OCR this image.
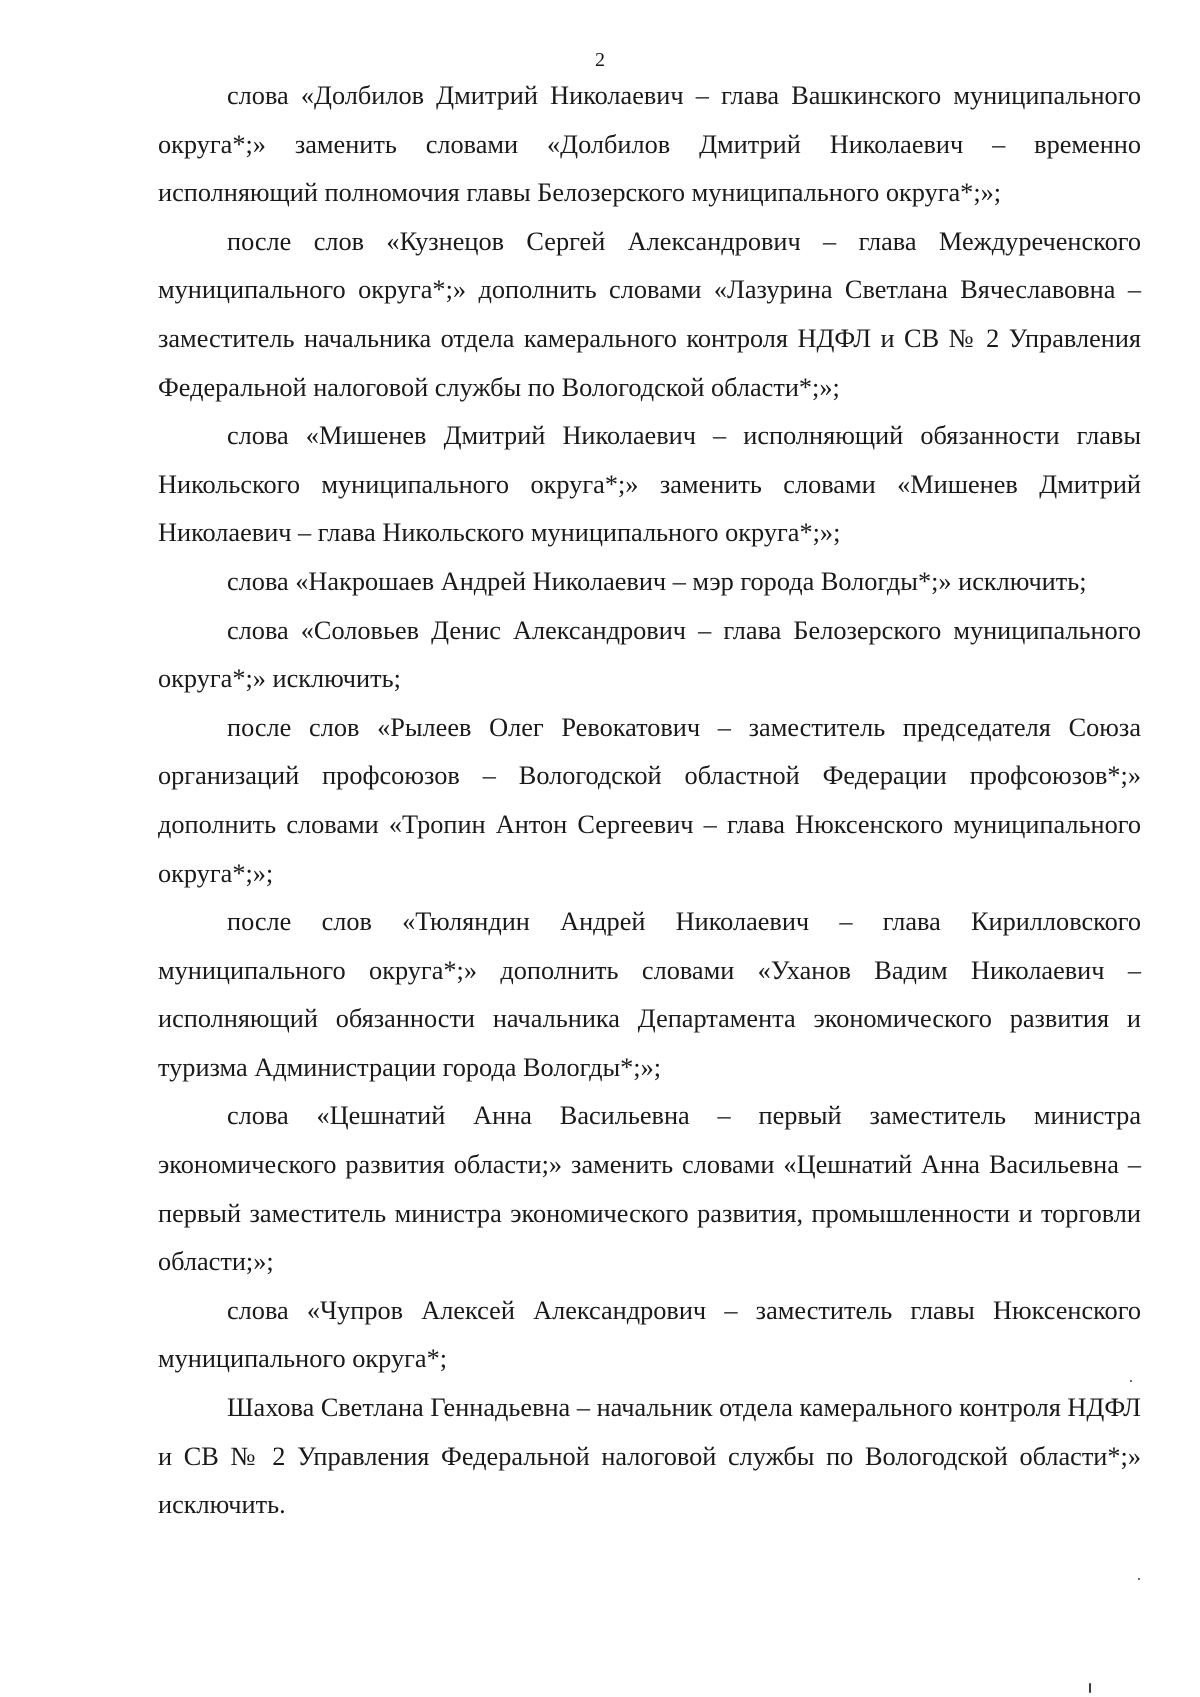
2

слова «Долбилов Дмитрий Николаевич – глава Вашкинского муниципального округа*;» заменить словами «Долбилов Дмитрий Николаевич – временно исполняющий полномочия главы Белозерского муниципального округа*;»;

после слов «Кузнецов Сергей Александрович – глава Междуреченского муниципального округа*;» дополнить словами «Лазурина Светлана Вячеславовна – заместитель начальника отдела камерального контроля НДФЛ и СВ № 2 Управления Федеральной налоговой службы по Вологодской области*;»;

слова «Мишенев Дмитрий Николаевич – исполняющий обязанности главы Никольского муниципального округа*;» заменить словами «Мишенев Дмитрий Николаевич – глава Никольского муниципального округа*;»;

слова «Накрошаев Андрей Николаевич – мэр города Вологды*;» исключить;

слова «Соловьев Денис Александрович – глава Белозерского муниципального округа*;» исключить;

после слов «Рылеев Олег Ревокатович – заместитель председателя Союза организаций профсоюзов – Вологодской областной Федерации профсоюзов*;» дополнить словами «Тропин Антон Сергеевич – глава Нюксенского муниципального округа*;»;

после слов «Тюляндин Андрей Николаевич – глава Кирилловского муниципального округа*;» дополнить словами «Уханов Вадим Николаевич – исполняющий обязанности начальника Департамента экономического развития и туризма Администрации города Вологды*;»;

слова «Цешнатий Анна Васильевна – первый заместитель министра экономического развития области;» заменить словами «Цешнатий Анна Васильевна – первый заместитель министра экономического развития, промышленности и торговли области;»;

слова «Чупров Алексей Александрович – заместитель главы Нюксенского муниципального округа*;

Шахова Светлана Геннадьевна – начальник отдела камерального контроля НДФЛ и СВ № 2 Управления Федеральной налоговой службы по Вологодской области*;» исключить.
